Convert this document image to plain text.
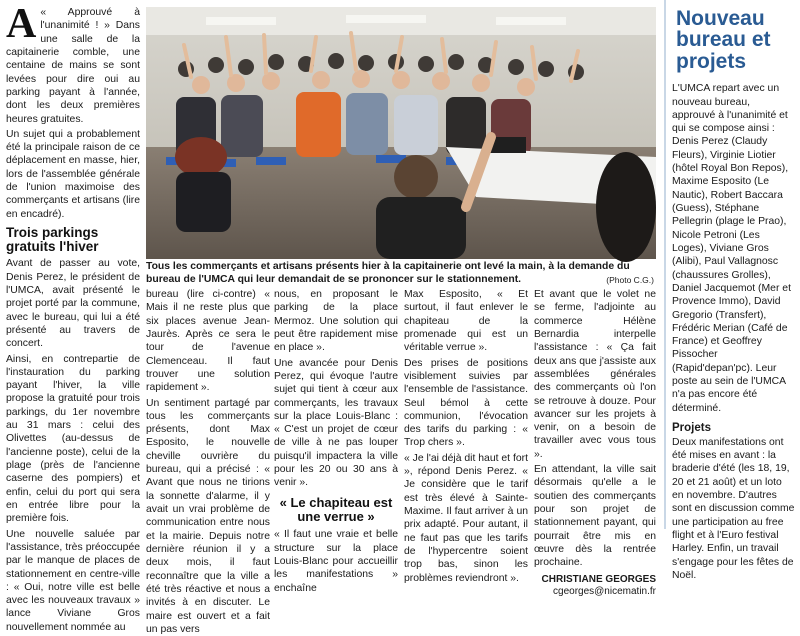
A « Approuvé à l'unanimité ! » Dans une salle de la capitainerie comble, une centaine de mains se sont levées pour dire oui au parking payant à l'année, dont les deux premières heures gratuites.

Un sujet qui a probablement été la principale raison de ce déplacement en masse, hier, lors de l'assemblée générale de l'union maximoise des commerçants et artisans (lire en encadré).

Trois parkings gratuits l'hiver

Avant de passer au vote, Denis Perez, le président de l'UMCA, avait présenté le projet porté par la commune, avec le bureau, qui lui a été présenté au travers de concert.

Ainsi, en contrepartie de l'instauration du parking payant l'hiver, la ville propose la gratuité pour trois parkings, du 1er novembre au 31 mars : celui des Olivettes (au-dessus de l'ancienne poste), celui de la plage (près de l'ancienne caserne des pompiers) et enfin, celui du port qui sera en entrée libre pour la première fois.

Une nouvelle saluée par l'assistance, très préoccupée par le manque de places de stationnement en centre-ville : « Oui, notre ville est belle avec les nouveaux travaux » lance Viviane Gros nouvellement nommée au

Tous les commerçants et artisans présents hier à la capitainerie ont levé la main, à la demande du bureau de l'UMCA qui leur demandait de se prononcer sur le stationnement.	(Photo C.G.)

bureau (lire ci-contre) « Mais il ne reste plus que six places avenue Jean-Jaurès. Après ce sera le tour de l'avenue Clemenceau. Il faut trouver une solution rapidement ».

Un sentiment partagé par tous les commerçants présents, dont Max Esposito, le nouvelle cheville ouvrière du bureau, qui a précisé : « Avant que nous ne tirions la sonnette d'alarme, il y avait un vrai problème de communication entre nous et la mairie. Depuis notre dernière réunion il y a deux mois, il faut reconnaître que la ville a été très réactive et nous a invités à en discuter. Le maire est ouvert et a fait un pas vers

nous, en proposant le parking de la place Mermoz. Une solution qui peut être rapidement mise en place ».

Une avancée pour Denis Perez, qui évoque l'autre sujet qui tient à cœur aux commerçants, les travaux sur la place Louis-Blanc : « C'est un projet de cœur de ville à ne pas louper puisqu'il impactera la ville pour les 20 ou 30 ans à venir ».

« Le chapiteau est une verrue »

« Il faut une vraie et belle structure sur la place Louis-Blanc pour accueillir les manifestations » enchaîne

Max Esposito, « Et surtout, il faut enlever le chapiteau de la promenade qui est un véritable verrue ».

Des prises de positions visiblement suivies par l'ensemble de l'assistance. Seul bémol à cette communion, l'évocation des tarifs du parking : « Trop chers ».

« Je l'ai déjà dit haut et fort », répond Denis Perez. « Je considère que le tarif est très élevé à Sainte-Maxime. Il faut arriver à un prix adapté. Pour autant, il ne faut pas que les tarifs de l'hypercentre soient trop bas, sinon les problèmes reviendront ».

Et avant que le volet ne se ferme, l'adjointe au commerce Hélène Bernardia interpelle l'assistance : « Ça fait deux ans que j'assiste aux assemblées générales des commerçants où l'on se retrouve à douze. Pour avancer sur les projets à venir, on a besoin de travailler avec vous tous ».

En attendant, la ville sait désormais qu'elle a le soutien des commerçants pour son projet de stationnement payant, qui pourrait être mis en œuvre dès la rentrée prochaine.

CHRISTIANE GEORGES
cgeorges@nicematin.fr
Nouveau bureau et projets

L'UMCA repart avec un nouveau bureau, approuvé à l'unanimité et qui se compose ainsi : Denis Perez (Claudy Fleurs), Virginie Liotier (hôtel Royal Bon Repos), Maxime Esposito (Le Nautic), Robert Baccara (Guess), Stéphane Pellegrin (plage le Prao), Nicole Petroni (Les Loges), Viviane Gros (Alibi), Paul Vallagnosc (chaussures Grolles), Daniel Jacquemot (Mer et Provence Immo), David Gregorio (Transfert), Frédéric Merian (Café de France) et Geoffrey Pissocher (Rapid'depan'pc). Leur poste au sein de l'UMCA n'a pas encore été déterminé.

Projets

Deux manifestations ont été mises en avant : la braderie d'été (les 18, 19, 20 et 21 août) et un loto en novembre. D'autres sont en discussion comme une participation au free flight et à l'Euro festival Harley. Enfin, un travail s'engage pour les fêtes de Noël.
